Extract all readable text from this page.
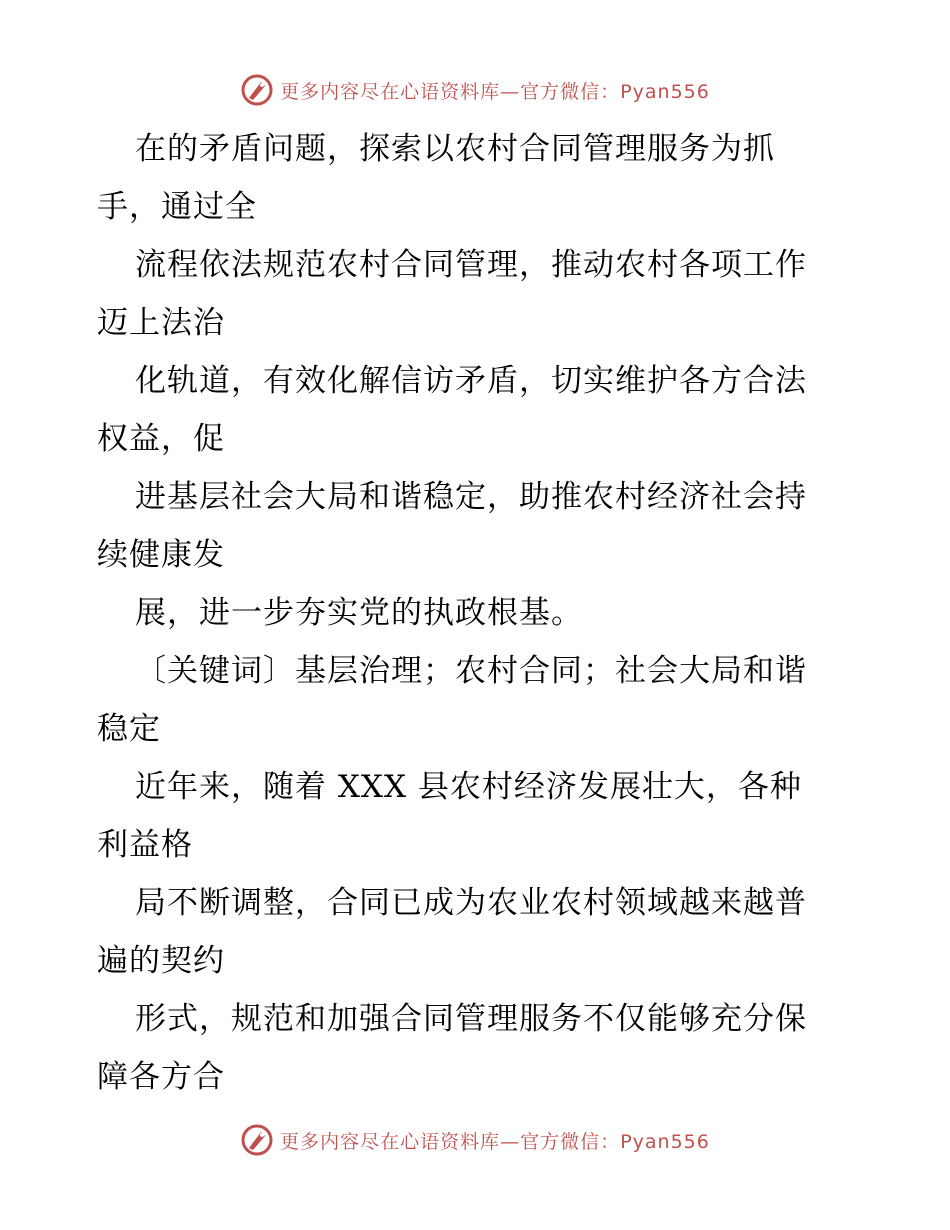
更多内容尽在心语资料库—官方微信：Pyan556
在的矛盾问题，探索以农村合同管理服务为抓
手，通过全
流程依法规范农村合同管理，推动农村各项工作
迈上法治
化轨道，有效化解信访矛盾，切实维护各方合法
权益，促
进基层社会大局和谐稳定，助推农村经济社会持
续健康发
展，进一步夯实党的执政根基。
〔关键词〕基层治理；农村合同；社会大局和谐
稳定
近年来，随着 XXX 县农村经济发展壮大，各种
利益格
局不断调整，合同已成为农业农村领域越来越普
遍的契约
形式，规范和加强合同管理服务不仅能够充分保
障各方合
更多内容尽在心语资料库—官方微信：Pyan556
